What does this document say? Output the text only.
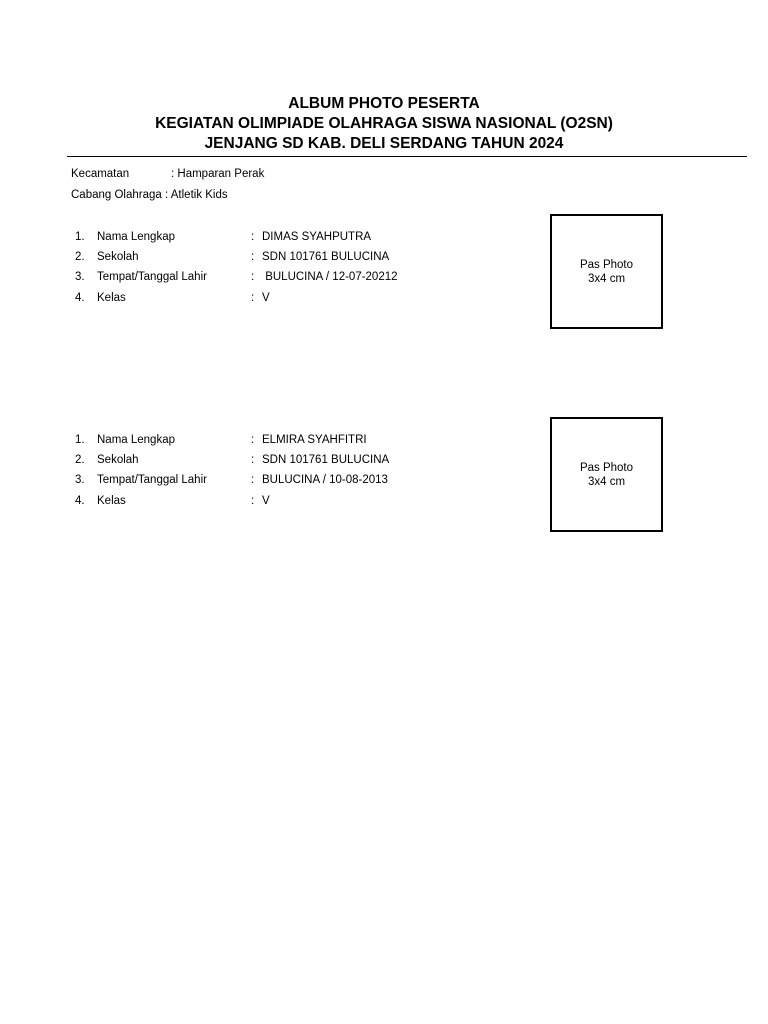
ALBUM PHOTO PESERTA
KEGIATAN OLIMPIADE OLAHRAGA SISWA NASIONAL (O2SN)
JENJANG SD KAB. DELI SERDANG TAHUN 2024
Kecamatan	: Hamparan Perak
Cabang Olahraga : Atletik Kids
1. Nama Lengkap	: DIMAS SYAHPUTRA
2. Sekolah	: SDN 101761 BULUCINA
3. Tempat/Tanggal Lahir	: BULUCINA / 12-07-20212
4. Kelas	: V
Pas Photo
3x4 cm
1. Nama Lengkap	: ELMIRA SYAHFITRI
2. Sekolah	: SDN 101761 BULUCINA
3. Tempat/Tanggal Lahir	: BULUCINA / 10-08-2013
4. Kelas	: V
Pas Photo
3x4 cm
